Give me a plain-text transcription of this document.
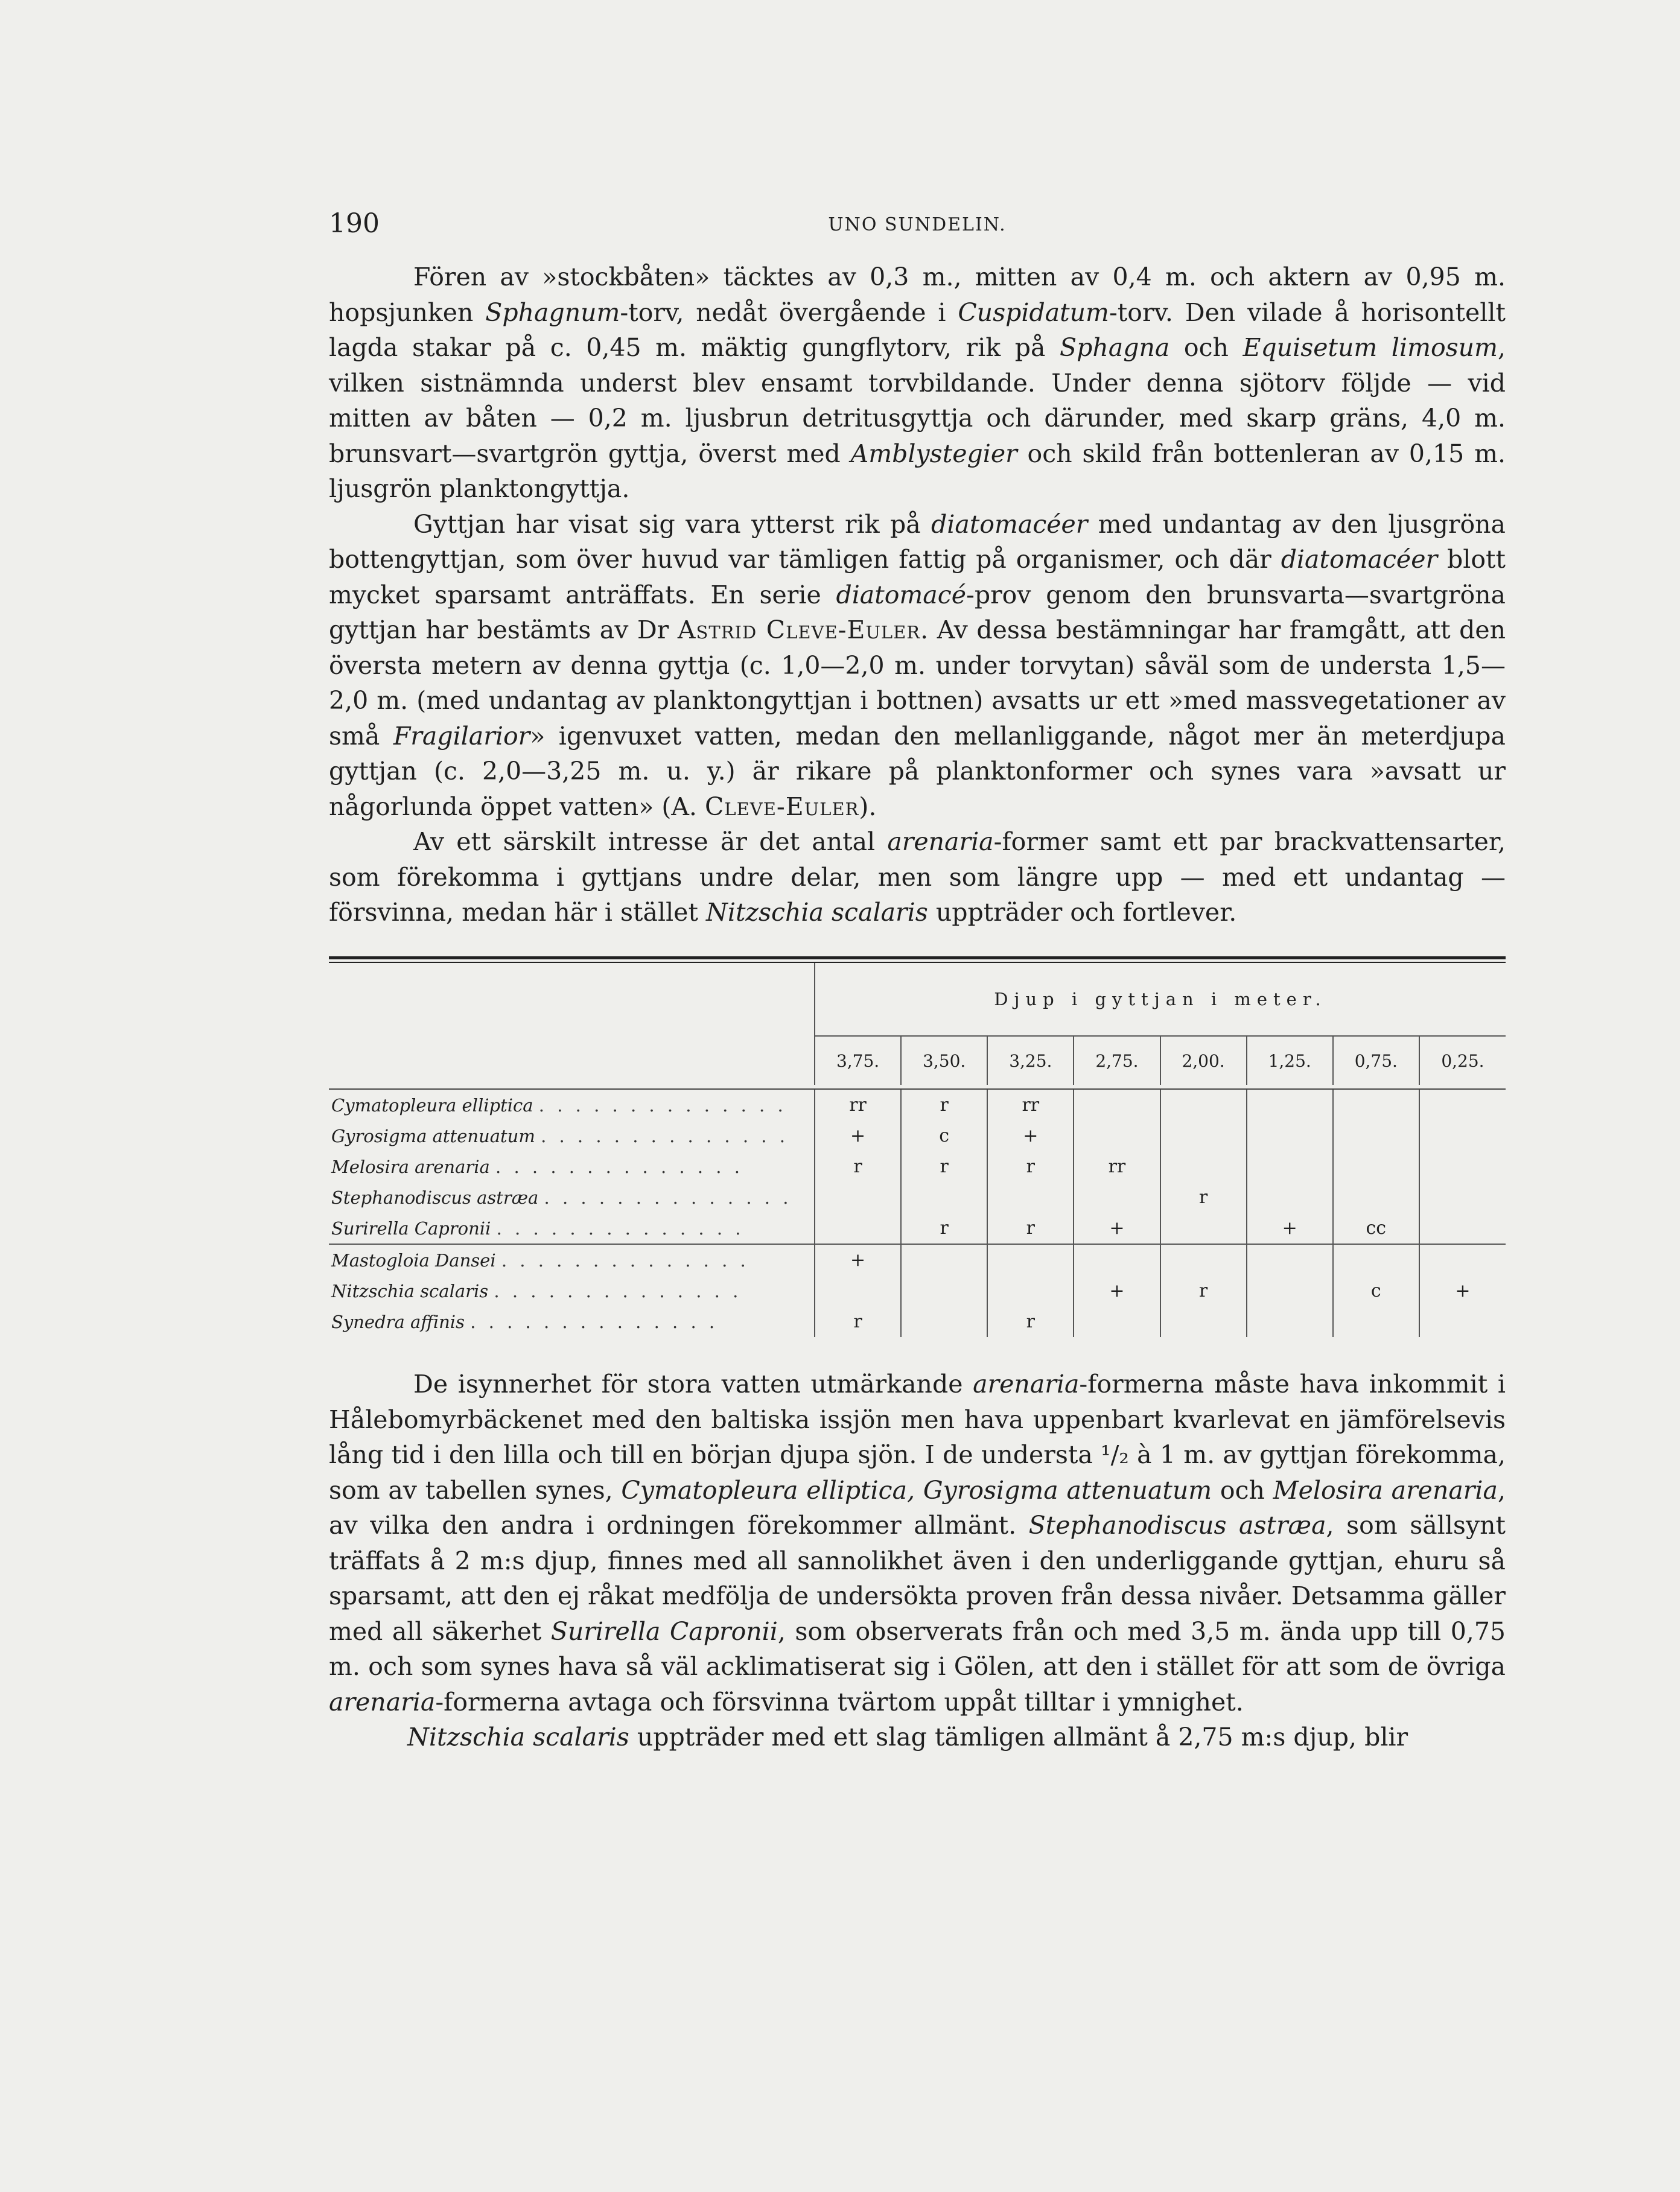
190	UNO SUNDELIN.

Fören av »stockbåten» täcktes av 0,3 m., mitten av 0,4 m. och aktern av 0,95 m. hopsjunken Sphagnum-torv, nedåt övergående i Cuspidatum-torv. Den vilade å horisontellt lagda stakar på c. 0,45 m. mäktig gungflytorv, rik på Sphagna och Equisetum limosum, vilken sistnämnda underst blev ensamt torvbildande. Under denna sjötorv följde — vid mitten av båten — 0,2 m. ljusbrun detritusgyttja och därunder, med skarp gräns, 4,0 m. brunsvart—svartgrön gyttja, överst med Amblystegier och skild från bottenleran av 0,15 m. ljusgrön planktongyttja.

Gyttjan har visat sig vara ytterst rik på diatomacéer med undantag av den ljusgröna bottengyttjan, som över huvud var tämligen fattig på organismer, och där diatomacéer blott mycket sparsamt anträffats. En serie diatomacé-prov genom den brunsvarta—svartgröna gyttjan har bestämts av Dr Astrid Cleve-Euler. Av dessa bestämningar har framgått, att den översta metern av denna gyttja (c. 1,0—2,0 m. under torvytan) såväl som de understa 1,5—2,0 m. (med undantag av planktongyttjan i bottnen) avsatts ur ett »med massvegetationer av små Fragilarior» igenvuxet vatten, medan den mellanliggande, något mer än meterdjupa gyttjan (c. 2,0—3,25 m. u. y.) är rikare på planktonformer och synes vara »avsatt ur någorlunda öppet vatten» (A. Cleve-Euler).

Av ett särskilt intresse är det antal arenaria-former samt ett par brackvattensarter, som förekomma i gyttjans undre delar, men som längre upp — med ett undantag — försvinna, medan här i stället Nitzschia scalaris uppträder och fortlever.

	Djup i gyttjan i meter.							
	3,75.	3,50.	3,25.	2,75.	2,00.	1,25.	0,75.	0,25.

Cymatopleura elliptica . . . . . . . . . . . . . .	rr	r	rr					
Gyrosigma attenuatum . . . . . . . . . . . . . .	+	c	+					
Melosira arenaria . . . . . . . . . . . . . .	r	r	r	rr				
Stephanodiscus astræa . . . . . . . . . . . . . .					r			
Surirella Capronii . . . . . . . . . . . . . .		r	r	+		+	cc	
Mastogloia Dansei . . . . . . . . . . . . . .	+							
Nitzschia scalaris . . . . . . . . . . . . . .				+	r		c	+
Synedra affinis . . . . . . . . . . . . . .	r		r					

De isynnerhet för stora vatten utmärkande arenaria-formerna måste hava inkommit i Hålebomyrbäckenet med den baltiska issjön men hava uppenbart kvarlevat en jämförelsevis lång tid i den lilla och till en början djupa sjön. I de understa ¹/₂ à 1 m. av gyttjan förekomma, som av tabellen synes, Cymatopleura elliptica, Gyrosigma attenuatum och Melosira arenaria, av vilka den andra i ordningen förekommer allmänt. Stephanodiscus astræa, som sällsynt träffats å 2 m:s djup, finnes med all sannolikhet även i den underliggande gyttjan, ehuru så sparsamt, att den ej råkat medfölja de undersökta proven från dessa nivåer. Detsamma gäller med all säkerhet Surirella Capronii, som observerats från och med 3,5 m. ända upp till 0,75 m. och som synes hava så väl acklimatiserat sig i Gölen, att den i stället för att som de övriga arenaria-formerna avtaga och försvinna tvärtom uppåt tilltar i ymnighet.

Nitzschia scalaris uppträder med ett slag tämligen allmänt å 2,75 m:s djup, blir
